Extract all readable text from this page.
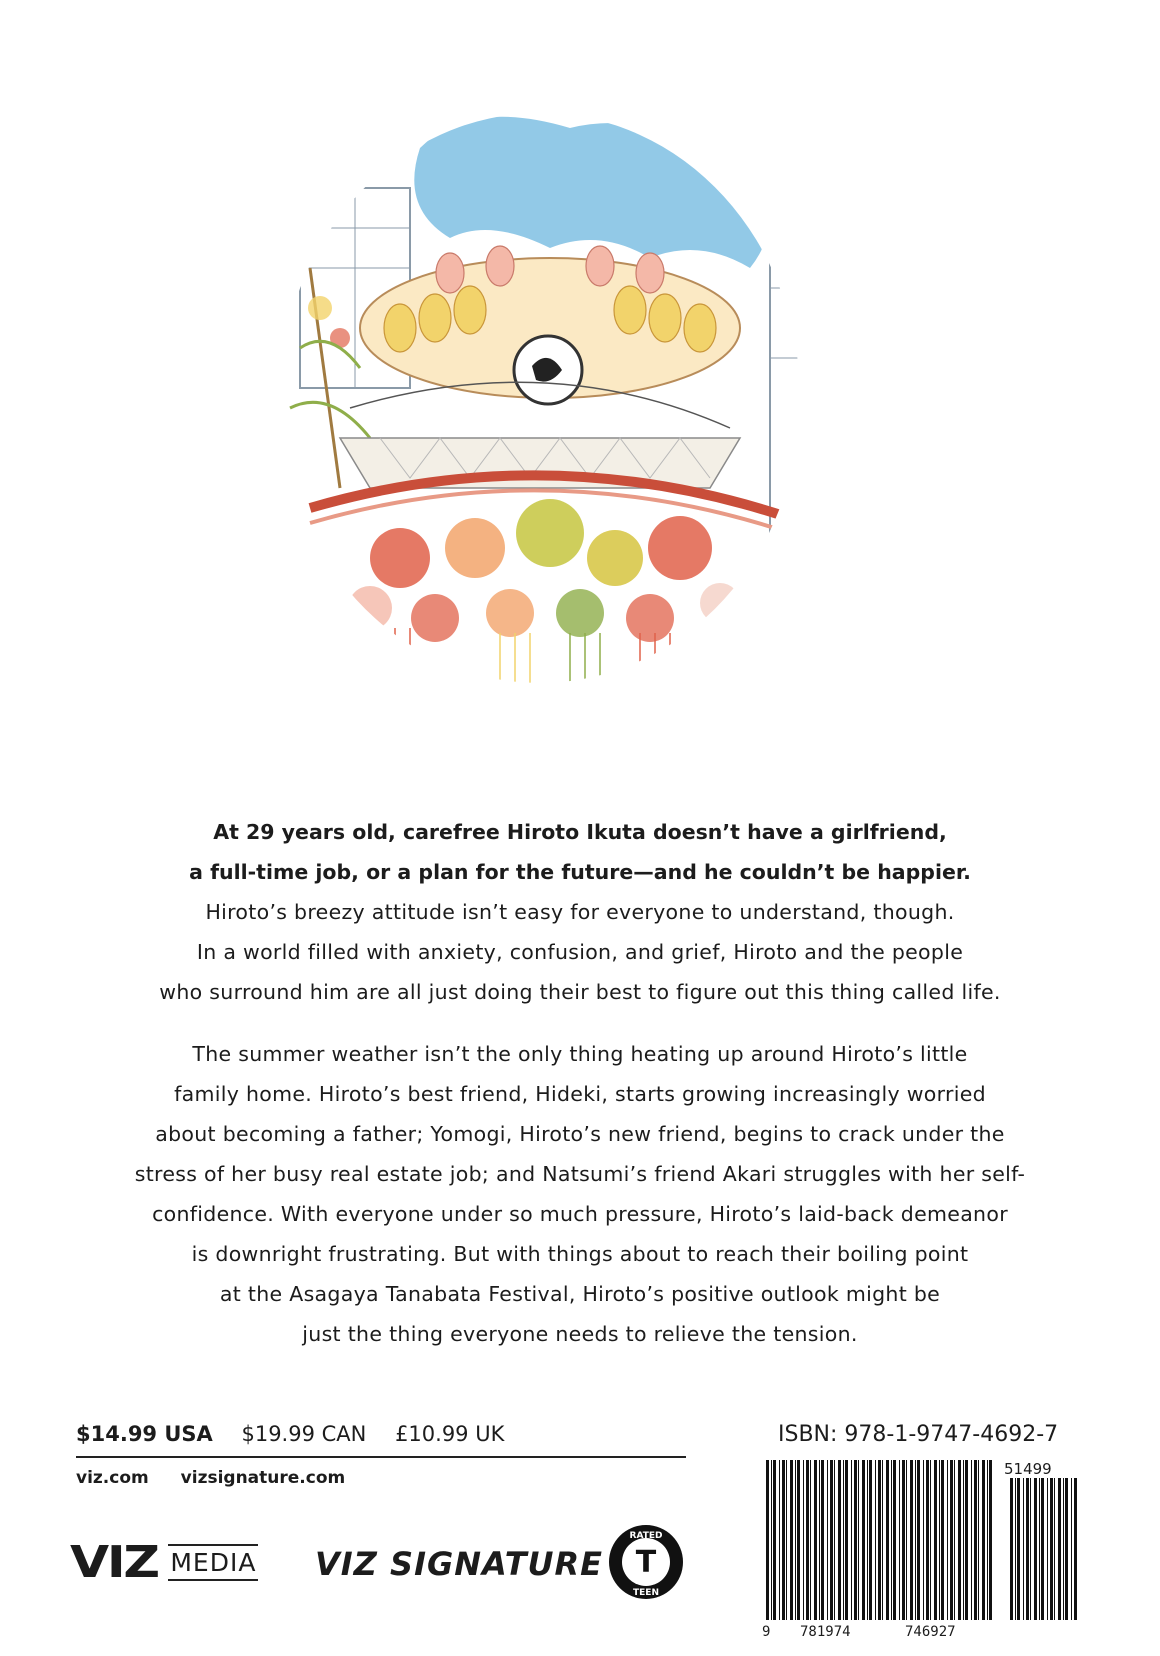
At 29 years old, carefree Hiroto Ikuta doesn’t have a girlfriend,

a full-time job, or a plan for the future—and he couldn’t be happier.

Hiroto’s breezy attitude isn’t easy for everyone to understand, though.

In a world filled with anxiety, confusion, and grief, Hiroto and the people

who surround him are all just doing their best to figure out this thing called life.

The summer weather isn’t the only thing heating up around Hiroto’s little

family home. Hiroto’s best friend, Hideki, starts growing increasingly worried

about becoming a father; Yomogi, Hiroto’s new friend, begins to crack under the

stress of her busy real estate job; and Natsumi’s friend Akari struggles with her self-

confidence. With everyone under so much pressure, Hiroto’s laid-back demeanor

is downright frustrating. But with things about to reach their boiling point

at the Asagaya Tanabata Festival, Hiroto’s positive outlook might be

just the thing everyone needs to relieve the tension.

$14.99 USA $19.99 CAN £10.99 UK
viz.com vizsignature.com
VIZ MEDIA VIZ SIGNATURE
RATED
T
TEEN
ISBN: 978-1-9747-4692-7
51499
9 781974	746927
